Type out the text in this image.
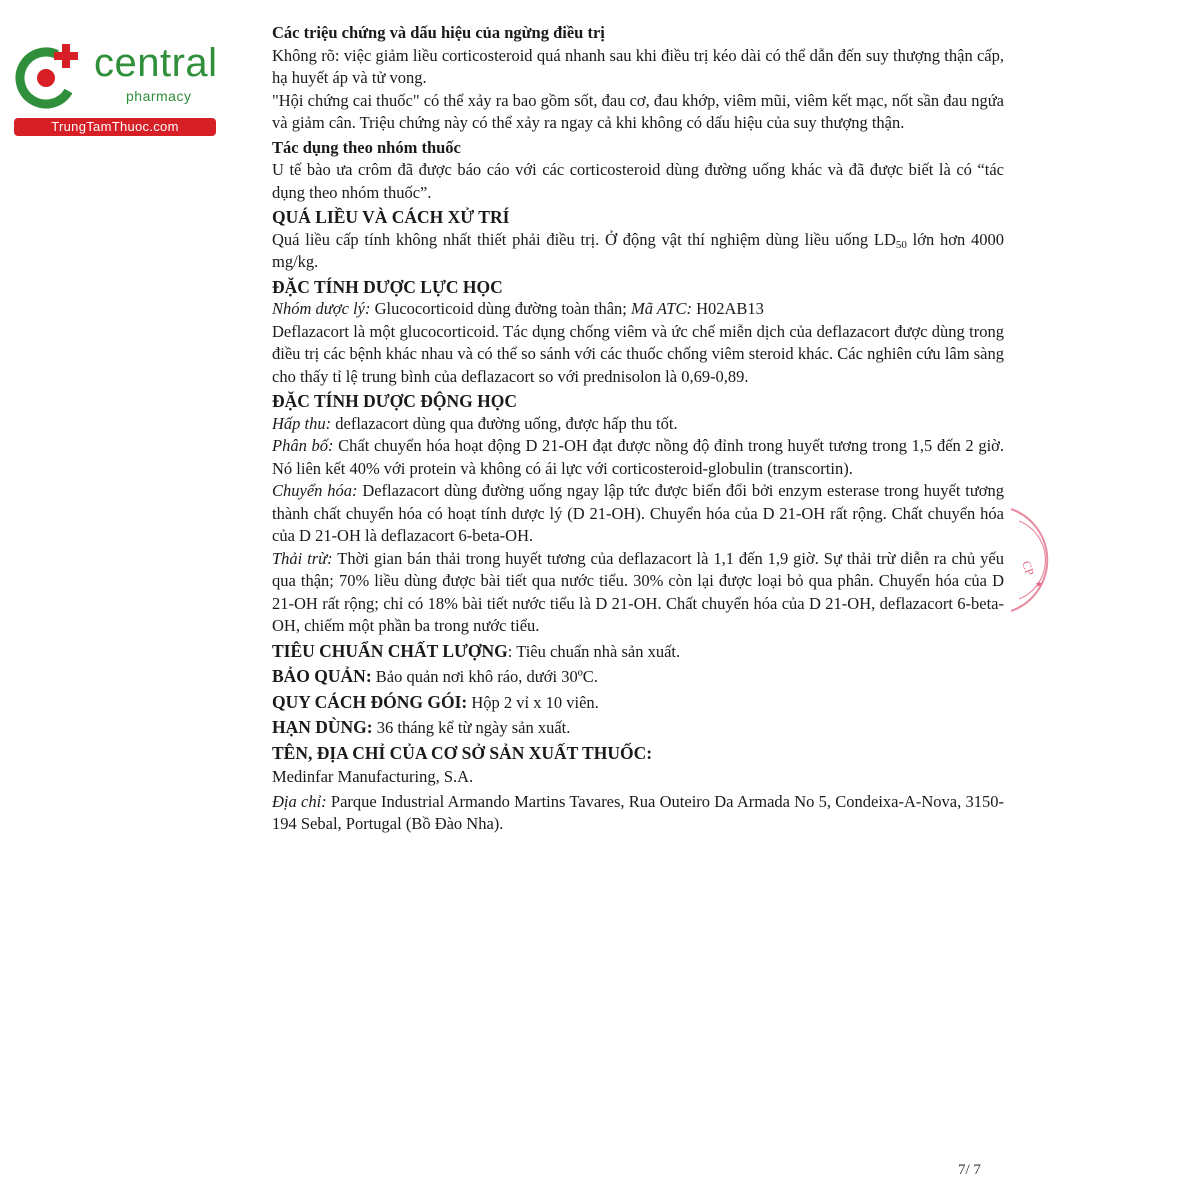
central
pharmacy
TrungTamThuoc.com

Các triệu chứng và dấu hiệu của ngừng điều trị

Không rõ: việc giảm liều corticosteroid quá nhanh sau khi điều trị kéo dài có thể dẫn đến suy thượng thận cấp, hạ huyết áp và tử vong.

"Hội chứng cai thuốc" có thể xảy ra bao gồm sốt, đau cơ, đau khớp, viêm mũi, viêm kết mạc, nốt sần đau ngứa và giảm cân. Triệu chứng này có thể xảy ra ngay cả khi không có dấu hiệu của suy thượng thận.

Tác dụng theo nhóm thuốc

U tế bào ưa crôm đã được báo cáo với các corticosteroid dùng đường uống khác và đã được biết là có “tác dụng theo nhóm thuốc”.

QUÁ LIỀU VÀ CÁCH XỬ TRÍ

Quá liều cấp tính không nhất thiết phải điều trị. Ở động vật thí nghiệm dùng liều uống $LD_{50}$ lớn hơn 4000 mg/kg.

ĐẶC TÍNH DƯỢC LỰC HỌC

Nhóm dược lý: Glucocorticoid dùng đường toàn thân; Mã ATC: H02AB13

Deflazacort là một glucocorticoid. Tác dụng chống viêm và ức chế miễn dịch của deflazacort được dùng trong điều trị các bệnh khác nhau và có thể so sánh với các thuốc chống viêm steroid khác. Các nghiên cứu lâm sàng cho thấy tỉ lệ trung bình của deflazacort so với prednisolon là 0,69-0,89.

ĐẶC TÍNH DƯỢC ĐỘNG HỌC

Hấp thu: deflazacort dùng qua đường uống, được hấp thu tốt.

Phân bố: Chất chuyển hóa hoạt động D 21-OH đạt được nồng độ đỉnh trong huyết tương trong 1,5 đến 2 giờ. Nó liên kết 40% với protein và không có ái lực với corticosteroid-globulin (transcortin).

Chuyển hóa: Deflazacort dùng đường uống ngay lập tức được biến đổi bởi enzym esterase trong huyết tương thành chất chuyển hóa có hoạt tính dược lý (D 21-OH). Chuyển hóa của D 21-OH rất rộng. Chất chuyển hóa của D 21-OH là deflazacort 6-beta-OH.

Thải trừ: Thời gian bán thải trong huyết tương của deflazacort là 1,1 đến 1,9 giờ. Sự thải trừ diễn ra chủ yếu qua thận; 70% liều dùng được bài tiết qua nước tiểu. 30% còn lại được loại bỏ qua phân. Chuyển hóa của D 21-OH rất rộng; chỉ có 18% bài tiết nước tiểu là D 21-OH. Chất chuyển hóa của D 21-OH, deflazacort 6-beta-OH, chiếm một phần ba trong nước tiểu.

TIÊU CHUẨN CHẤT LƯỢNG: Tiêu chuẩn nhà sản xuất.

BẢO QUẢN: Bảo quản nơi khô ráo, dưới 30ºC.

QUY CÁCH ĐÓNG GÓI: Hộp 2 vỉ x 10 viên.

HẠN DÙNG: 36 tháng kể từ ngày sản xuất.

TÊN, ĐỊA CHỈ CỦA CƠ SỞ SẢN XUẤT THUỐC:

Medinfar Manufacturing, S.A.

Địa chỉ: Parque Industrial Armando Martins Tavares, Rua Outeiro Da Armada No 5, Condeixa-A-Nova, 3150-194 Sebal, Portugal (Bồ Đào Nha).

CP
★
7/ 7
